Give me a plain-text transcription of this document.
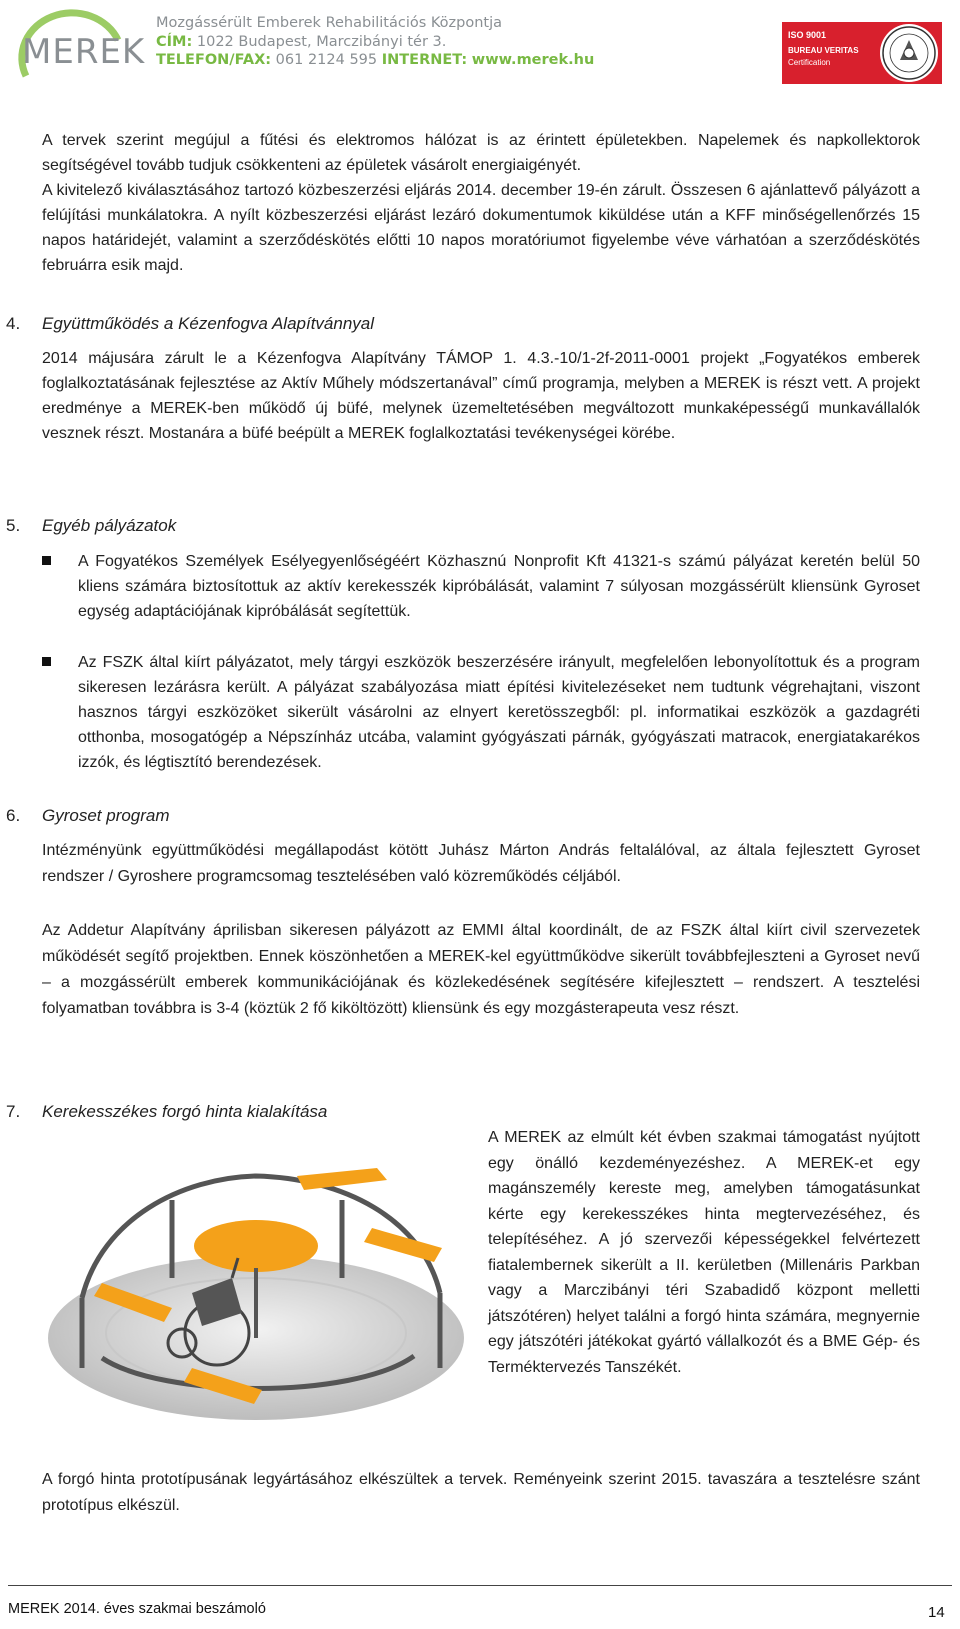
MEREK
Mozgássérült Emberek Rehabilitációs Központja
CÍM: 1022 Budapest, Marczibányi tér 3.
TELEFON/FAX: 061 2124 595 INTERNET: www.merek.hu
ISO 9001
BUREAU VERITAS
Certification
A tervek szerint megújul a fűtési és elektromos hálózat is az érintett épületekben. Napelemek és napkollektorok segítségével tovább tudjuk csökkenteni az épületek vásárolt energiaigényét.
A kivitelező kiválasztásához tartozó közbeszerzési eljárás 2014. december 19-én zárult. Összesen 6 ajánlattevő pályázott a felújítási munkálatokra. A nyílt közbeszerzési eljárást lezáró dokumentumok kiküldése után a KFF minőségellenőrzés 15 napos határidejét, valamint a szerződéskötés előtti 10 napos moratóriumot figyelembe véve várhatóan a szerződéskötés februárra esik majd.
4. Együttműködés a Kézenfogva Alapítvánnyal
2014 májusára zárult le a Kézenfogva Alapítvány TÁMOP 1. 4.3.-10/1-2f-2011-0001 projekt „Fogyatékos emberek foglalkoztatásának fejlesztése az Aktív Műhely módszertanával” című programja, melyben a MEREK is részt vett. A projekt eredménye a MEREK-ben működő új büfé, melynek üzemeltetésében megváltozott munkaképességű munkavállalók vesznek részt. Mostanára a büfé beépült a MEREK foglalkoztatási tevékenységei körébe.
5. Egyéb pályázatok
A Fogyatékos Személyek Esélyegyenlőségéért Közhasznú Nonprofit Kft 41321-s számú pályázat keretén belül 50 kliens számára biztosítottuk az aktív kerekesszék kipróbálását, valamint 7 súlyosan mozgássérült kliensünk Gyroset egység adaptációjának kipróbálását segítettük.
Az FSZK által kiírt pályázatot, mely tárgyi eszközök beszerzésére irányult, megfelelően lebonyolítottuk és a program sikeresen lezárásra került. A pályázat szabályozása miatt építési kivitelezéseket nem tudtunk végrehajtani, viszont hasznos tárgyi eszközöket sikerült vásárolni az elnyert keretösszegből: pl. informatikai eszközök a gazdagréti otthonba, mosogatógép a Népszínház utcába, valamint gyógyászati párnák, gyógyászati matracok, energiatakarékos izzók, és légtisztító berendezések.
6. Gyroset program
Intézményünk együttműködési megállapodást kötött Juhász Márton András feltalálóval, az általa fejlesztett Gyroset rendszer / Gyroshere programcsomag tesztelésében való közreműködés céljából.
Az Addetur Alapítvány áprilisban sikeresen pályázott az EMMI által koordinált, de az FSZK által kiírt civil szervezetek működését segítő projektben. Ennek köszönhetően a MEREK-kel együttműködve sikerült továbbfejleszteni a Gyroset nevű – a mozgássérült emberek kommunikációjának és közlekedésének segítésére kifejlesztett – rendszert. A tesztelési folyamatban továbbra is 3-4 (köztük 2 fő kiköltözött) kliensünk és egy mozgásterapeuta vesz részt.
7. Kerekesszékes forgó hinta kialakítása
A MEREK az elmúlt két évben szakmai támogatást nyújtott egy önálló kezdeményezéshez. A MEREK-et egy magánszemély kereste meg, amelyben támogatásunkat kérte egy kerekesszékes hinta megtervezéséhez, és telepítéséhez. A jó szervezői képességekkel felvértezett fiatalembernek sikerült a II. kerületben (Millenáris Parkban vagy a Marczibányi téri Szabadidő központ melletti játszótéren) helyet találni a forgó hinta számára, megnyernie egy játszótéri játékokat gyártó vállalkozót és a BME Gép- és Terméktervezés Tanszékét.
A forgó hinta prototípusának legyártásához elkészültek a tervek. Reményeink szerint 2015. tavaszára a tesztelésre szánt prototípus elkészül.
MEREK 2014. éves szakmai beszámoló	14
